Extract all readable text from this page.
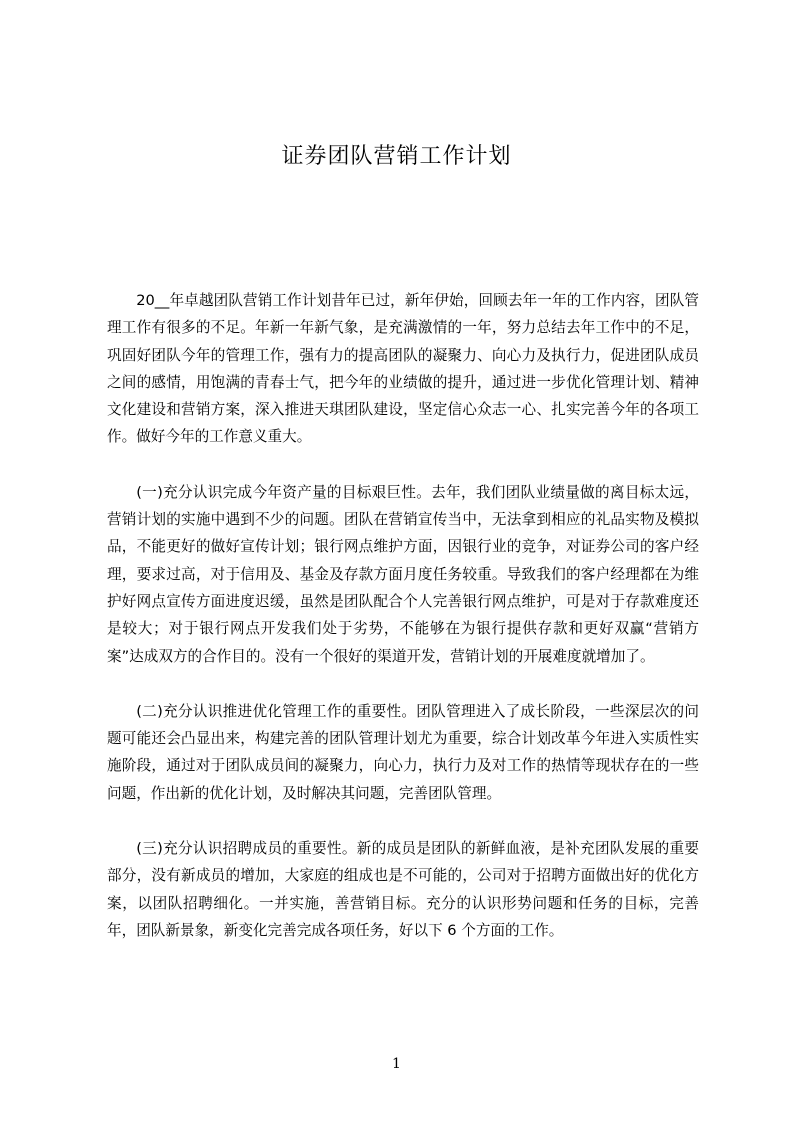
证券团队营销工作计划

20__年卓越团队营销工作计划昔年已过，新年伊始，回顾去年一年的工作内容，团队管理工作有很多的不足。年新一年新气象，是充满激情的一年，努力总结去年工作中的不足，巩固好团队今年的管理工作，强有力的提高团队的凝聚力、向心力及执行力，促进团队成员之间的感情，用饱满的青春士气，把今年的业绩做的提升，通过进一步优化管理计划、精神文化建设和营销方案，深入推进天琪团队建设，坚定信心众志一心、扎实完善今年的各项工作。做好今年的工作意义重大。

(一)充分认识完成今年资产量的目标艰巨性。去年，我们团队业绩量做的离目标太远，营销计划的实施中遇到不少的问题。团队在营销宣传当中，无法拿到相应的礼品实物及模拟品，不能更好的做好宣传计划；银行网点维护方面，因银行业的竞争，对证券公司的客户经理，要求过高，对于信用及、基金及存款方面月度任务较重。导致我们的客户经理都在为维护好网点宣传方面进度迟缓，虽然是团队配合个人完善银行网点维护，可是对于存款难度还是较大；对于银行网点开发我们处于劣势，不能够在为银行提供存款和更好双赢“营销方案”达成双方的合作目的。没有一个很好的渠道开发，营销计划的开展难度就增加了。

(二)充分认识推进优化管理工作的重要性。团队管理进入了成长阶段，一些深层次的问题可能还会凸显出来，构建完善的团队管理计划尤为重要，综合计划改革今年进入实质性实施阶段，通过对于团队成员间的凝聚力，向心力，执行力及对工作的热情等现状存在的一些问题，作出新的优化计划，及时解决其问题，完善团队管理。

(三)充分认识招聘成员的重要性。新的成员是团队的新鲜血液，是补充团队发展的重要部分，没有新成员的增加，大家庭的组成也是不可能的，公司对于招聘方面做出好的优化方案，以团队招聘细化。一并实施，善营销目标。充分的认识形势问题和任务的目标，完善年，团队新景象，新变化完善完成各项任务，好以下 6 个方面的工作。

1
